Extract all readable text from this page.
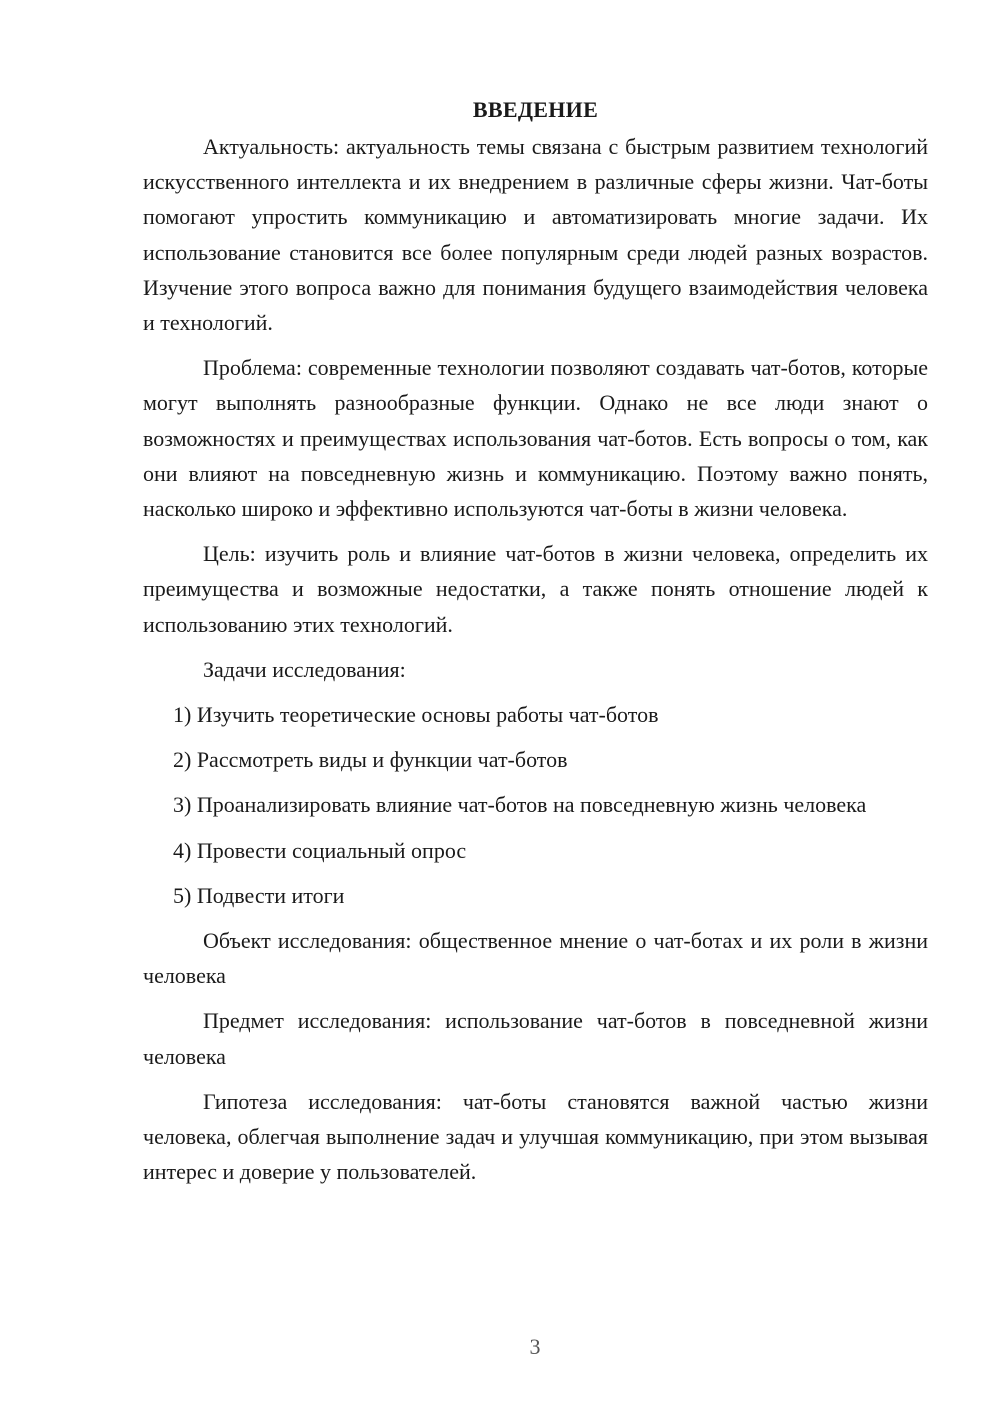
ВВЕДЕНИЕ

Актуальность: актуальность темы связана с быстрым развитием технологий искусственного интеллекта и их внедрением в различные сферы жизни. Чат-боты помогают упростить коммуникацию и автоматизировать многие задачи. Их использование становится все более популярным среди людей разных возрастов. Изучение этого вопроса важно для понимания будущего взаимодействия человека и технологий.

Проблема: современные технологии позволяют создавать чат-ботов, которые могут выполнять разнообразные функции. Однако не все люди знают о возможностях и преимуществах использования чат-ботов. Есть вопросы о том, как они влияют на повседневную жизнь и коммуникацию. Поэтому важно понять, насколько широко и эффективно используются чат-боты в жизни человека.

Цель: изучить роль и влияние чат-ботов в жизни человека, определить их преимущества и возможные недостатки, а также понять отношение людей к использованию этих технологий.

Задачи исследования:

1) Изучить теоретические основы работы чат-ботов

2) Рассмотреть виды и функции чат-ботов

3) Проанализировать влияние чат-ботов на повседневную жизнь человека

4) Провести социальный опрос

5) Подвести итоги

Объект исследования: общественное мнение о чат-ботах и их роли в жизни человека

Предмет исследования: использование чат-ботов в повседневной жизни человека

Гипотеза исследования: чат-боты становятся важной частью жизни человека, облегчая выполнение задач и улучшая коммуникацию, при этом вызывая интерес и доверие у пользователей.

3
